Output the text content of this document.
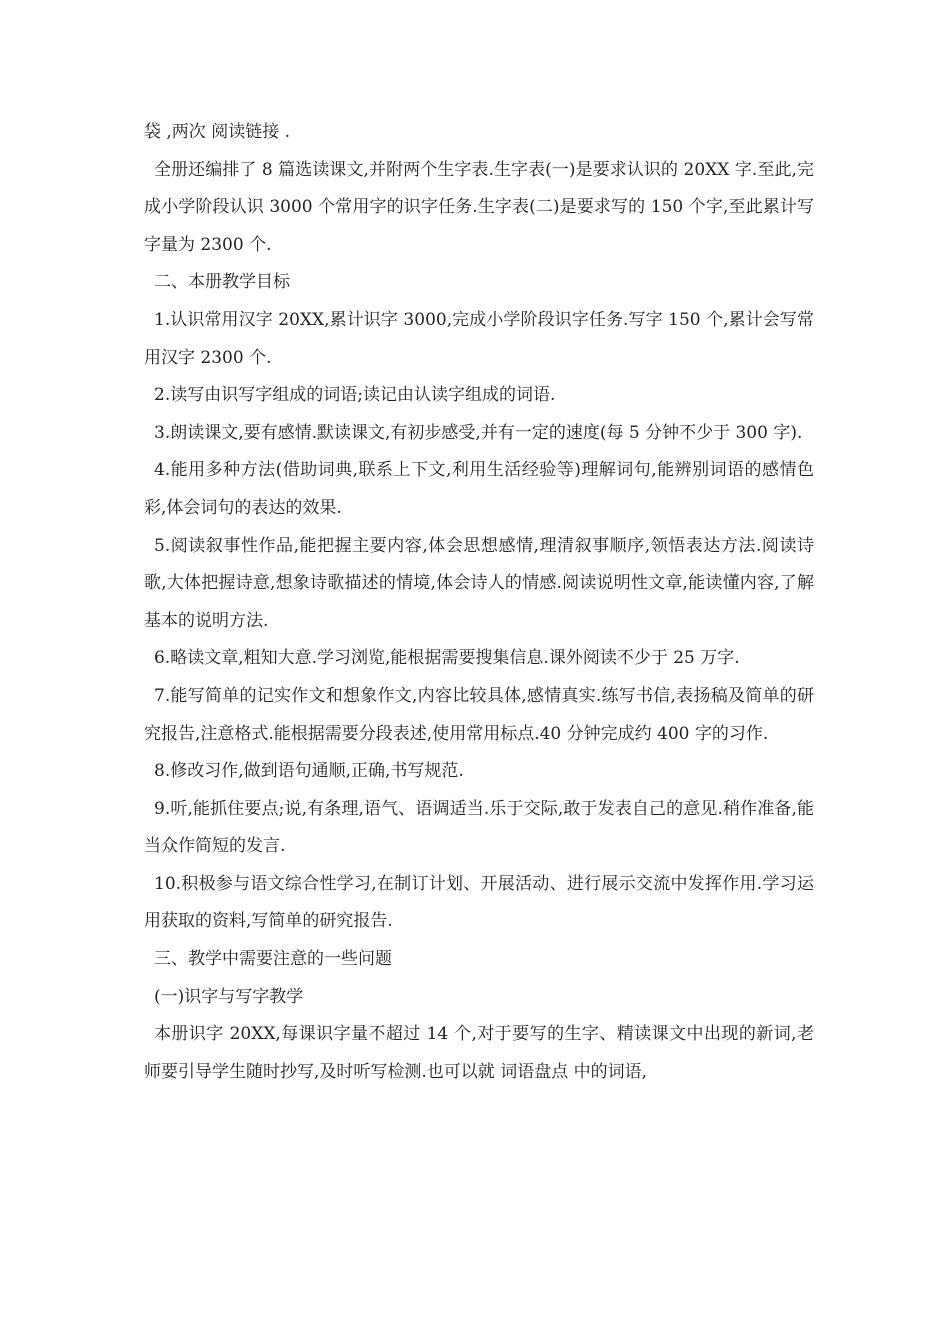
袋 ,两次 阅读链接 .

全册还编排了 8 篇选读课文,并附两个生字表.生字表(一)是要求认识的 20XX 字.至此,完成小学阶段认识 3000 个常用字的识字任务.生字表(二)是要求写的 150 个字,至此累计写字量为 2300 个.

二、本册教学目标

1.认识常用汉字 20XX,累计识字 3000,完成小学阶段识字任务.写字 150 个,累计会写常用汉字 2300 个.

2.读写由识写字组成的词语;读记由认读字组成的词语.

3.朗读课文,要有感情.默读课文,有初步感受,并有一定的速度(每 5 分钟不少于 300 字).

4.能用多种方法(借助词典,联系上下文,利用生活经验等)理解词句,能辨别词语的感情色彩,体会词句的表达的效果.

5.阅读叙事性作品,能把握主要内容,体会思想感情,理清叙事顺序,领悟表达方法.阅读诗歌,大体把握诗意,想象诗歌描述的情境,体会诗人的情感.阅读说明性文章,能读懂内容,了解基本的说明方法.

6.略读文章,粗知大意.学习浏览,能根据需要搜集信息.课外阅读不少于 25 万字.

7.能写简单的记实作文和想象作文,内容比较具体,感情真实.练写书信,表扬稿及简单的研究报告,注意格式.能根据需要分段表述,使用常用标点.40 分钟完成约 400 字的习作.

8.修改习作,做到语句通顺,正确,书写规范.

9.听,能抓住要点;说,有条理,语气、语调适当.乐于交际,敢于发表自己的意见.稍作准备,能当众作简短的发言.

10.积极参与语文综合性学习,在制订计划、开展活动、进行展示交流中发挥作用.学习运用获取的资料,写简单的研究报告.

三、教学中需要注意的一些问题

(一)识字与写字教学

本册识字 20XX,每课识字量不超过 14 个,对于要写的生字、精读课文中出现的新词,老师要引导学生随时抄写,及时听写检测.也可以就 词语盘点 中的词语,
